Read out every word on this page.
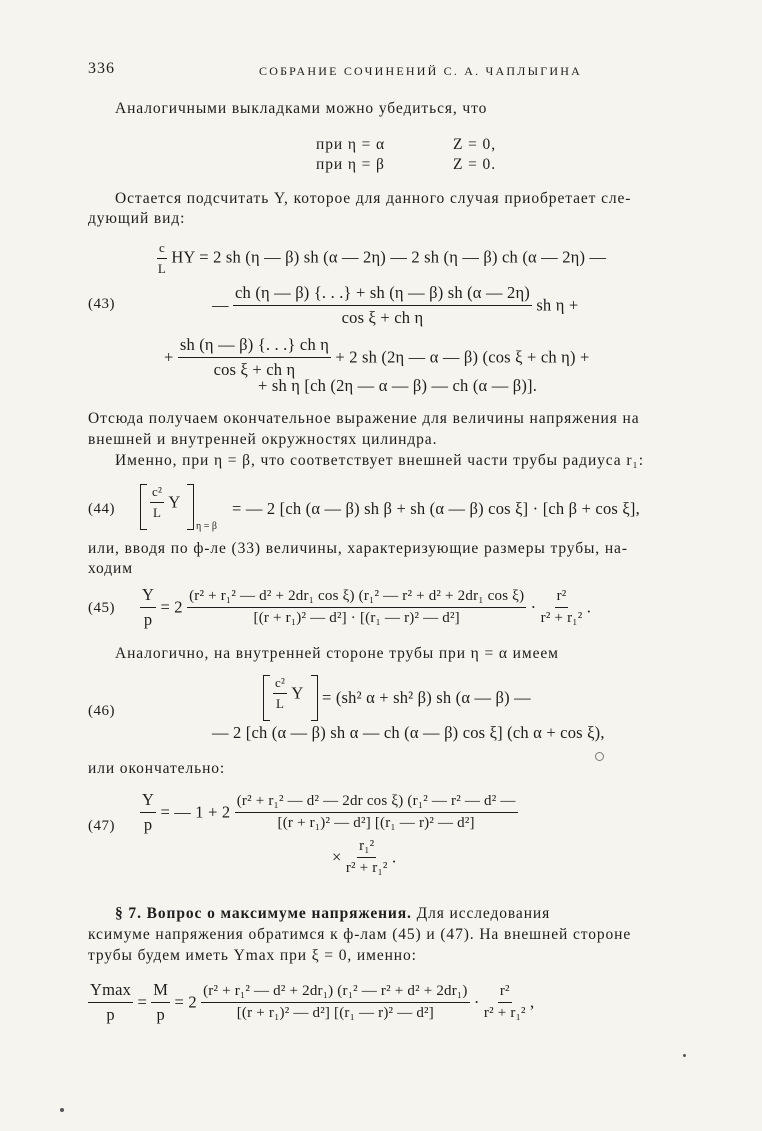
336	СОБРАНИЕ СОЧИНЕНИЙ С. А. ЧАПЛЫГИНА
Аналогичными выкладками можно убедиться, что
при η = α	Z = 0,
при η = β	Z = 0.
Остается подсчитать Υ, которое для данного случая приобретает сле-
дующий вид:
$\frac{c}{L}$ HΥ = 2 sh (η — β) sh (α — 2η) — 2 sh (η — β) ch (α — 2η) —
(43)	— $\frac{ch (\eta — \beta) \{. . .\} + sh (\eta — \beta) sh (\alpha — 2\eta)}{\text{cos ξ + ch η}}$ sh η +
+ $\frac{\text{sh (η — β) \{. . .\} ch η}}{\text{cos ξ + ch η}} + 2$ sh (2η — α — β) (cos ξ + ch η) +
+ sh η [ch (2η — α — β) — ch (α — β)].
Отсюда получаем окончательное выражение для величины напряжения на
внешней и внутренней окружностях цилиндра.
Именно, при η = β, что соответствует внешней части трубы радиуса r₁:
(44)	$\frac{\text{c²}}{L}$ Υ
η = β
= — 2 [ch (α — β) sh β + sh (α — β) cos ξ] · [ch β + cos ξ],
или, вводя по ф-ле (33) величины, характеризующие размеры трубы, на-
ходим
$(45) \frac{\Upsilon}{p} = 2 \frac{\text{(r² + r₁² — d² + 2dr₁ cos ξ) (r₁² — r² + d² + 2dr₁ cos ξ)}}{\text{[(r + r₁)² — d²] · [(r₁ — r)² — d²]}} \cdot \frac{\text{r²}}{\text{r² + r₁²}}$ .
Аналогично, на внутренней стороне трубы при η = α имеем
(46)	$\frac{\text{c²}}{L}$ Υ = (sh² α + sh² β) sh (α — β) —
— 2 [ch (α — β) sh α — ch (α — β) cos ξ] (ch α + cos ξ),
или окончательно:
$(47) \frac{\Upsilon}{p}$ = — $1 + 2 \frac{\text{(r² + r₁² — d² — 2dr cos ξ) (r₁² — r² — d² —}}{\text{[(r + r₁)² — d²] [(r₁ — r)² — d²]}}$
× $\frac{\text{r₁²}}{\text{r² + r₁²}}$ .
§ 7. Вопрос о максимуме напряжения. Для исследования
ксимуме напряжения обратимся к ф-лам (45) и (47). На внешней стороне
трубы будем иметь Υmax при ξ = 0, именно:
$\frac{\Upsilon\max}{p} = \frac{M}{p} = 2 \frac{\text{(r² + r₁² — d² + 2dr₁) (r₁² — r² + d² + 2dr₁)}}{\text{[(r + r₁)² — d²] [(r₁ — r)² — d²]}} \cdot \frac{\text{r²}}{\text{r² + r₁²}}$ ,
